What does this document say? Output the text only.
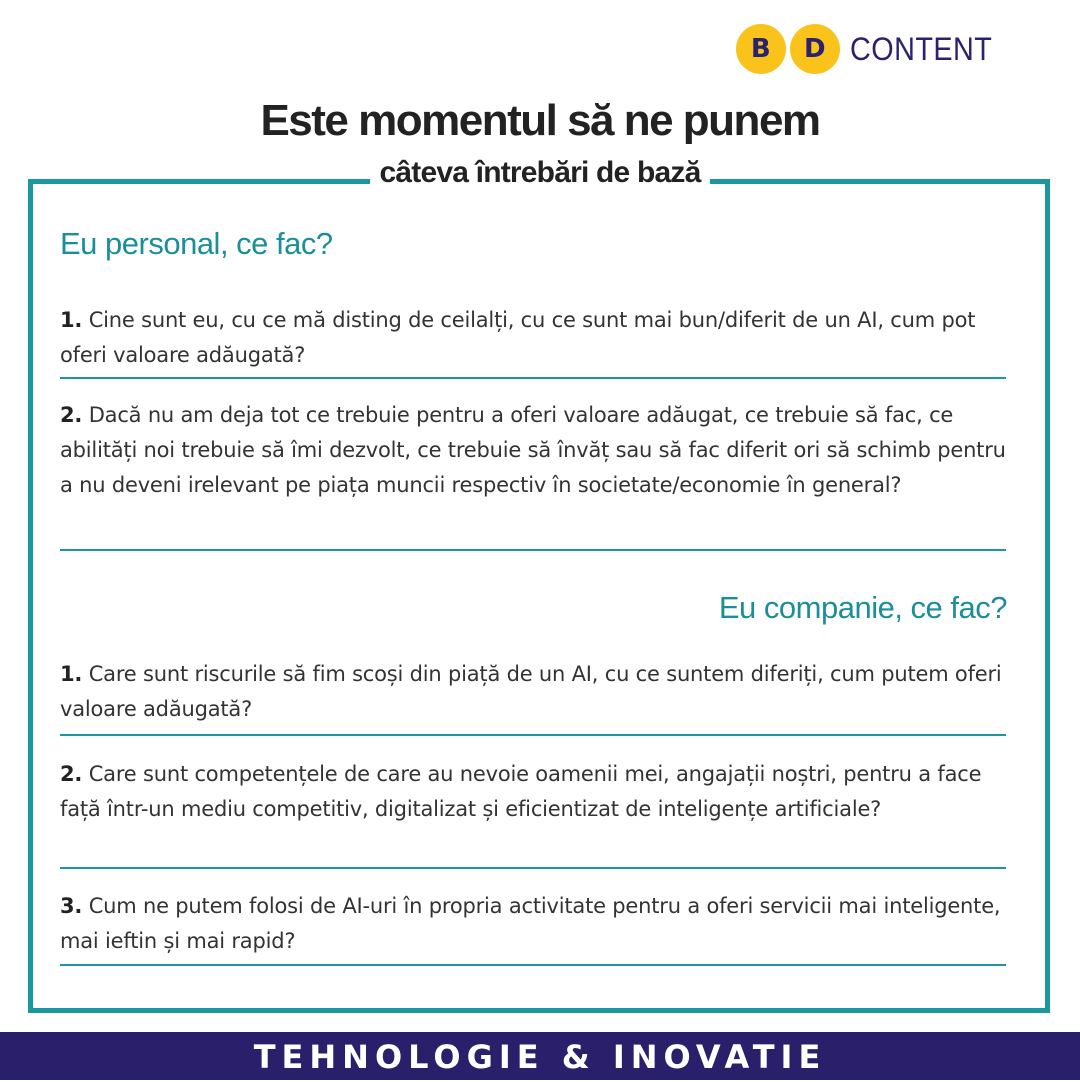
B	D CONTENT
Este momentul să ne punem
câteva întrebări de bază
Eu personal, ce fac?
1. Cine sunt eu, cu ce mă disting de ceilalți, cu ce sunt mai bun/diferit de un AI, cum pot oferi valoare adăugată?
2. Dacă nu am deja tot ce trebuie pentru a oferi valoare adăugat, ce trebuie să fac, ce abilități noi trebuie să îmi dezvolt, ce trebuie să învăț sau să fac diferit ori să schimb pentru a nu deveni irelevant pe piața muncii respectiv în societate/economie în general?
Eu companie, ce fac?
1. Care sunt riscurile să fim scoși din piață de un AI, cu ce suntem diferiți, cum putem oferi valoare adăugată?
2. Care sunt competențele de care au nevoie oamenii mei, angajații noștri, pentru a face față într-un mediu competitiv, digitalizat și eficientizat de inteligențe artificiale?
3. Cum ne putem folosi de AI-uri în propria activitate pentru a oferi servicii mai inteligente, mai ieftin și mai rapid?
TEHNOLOGIE & INOVATIE
